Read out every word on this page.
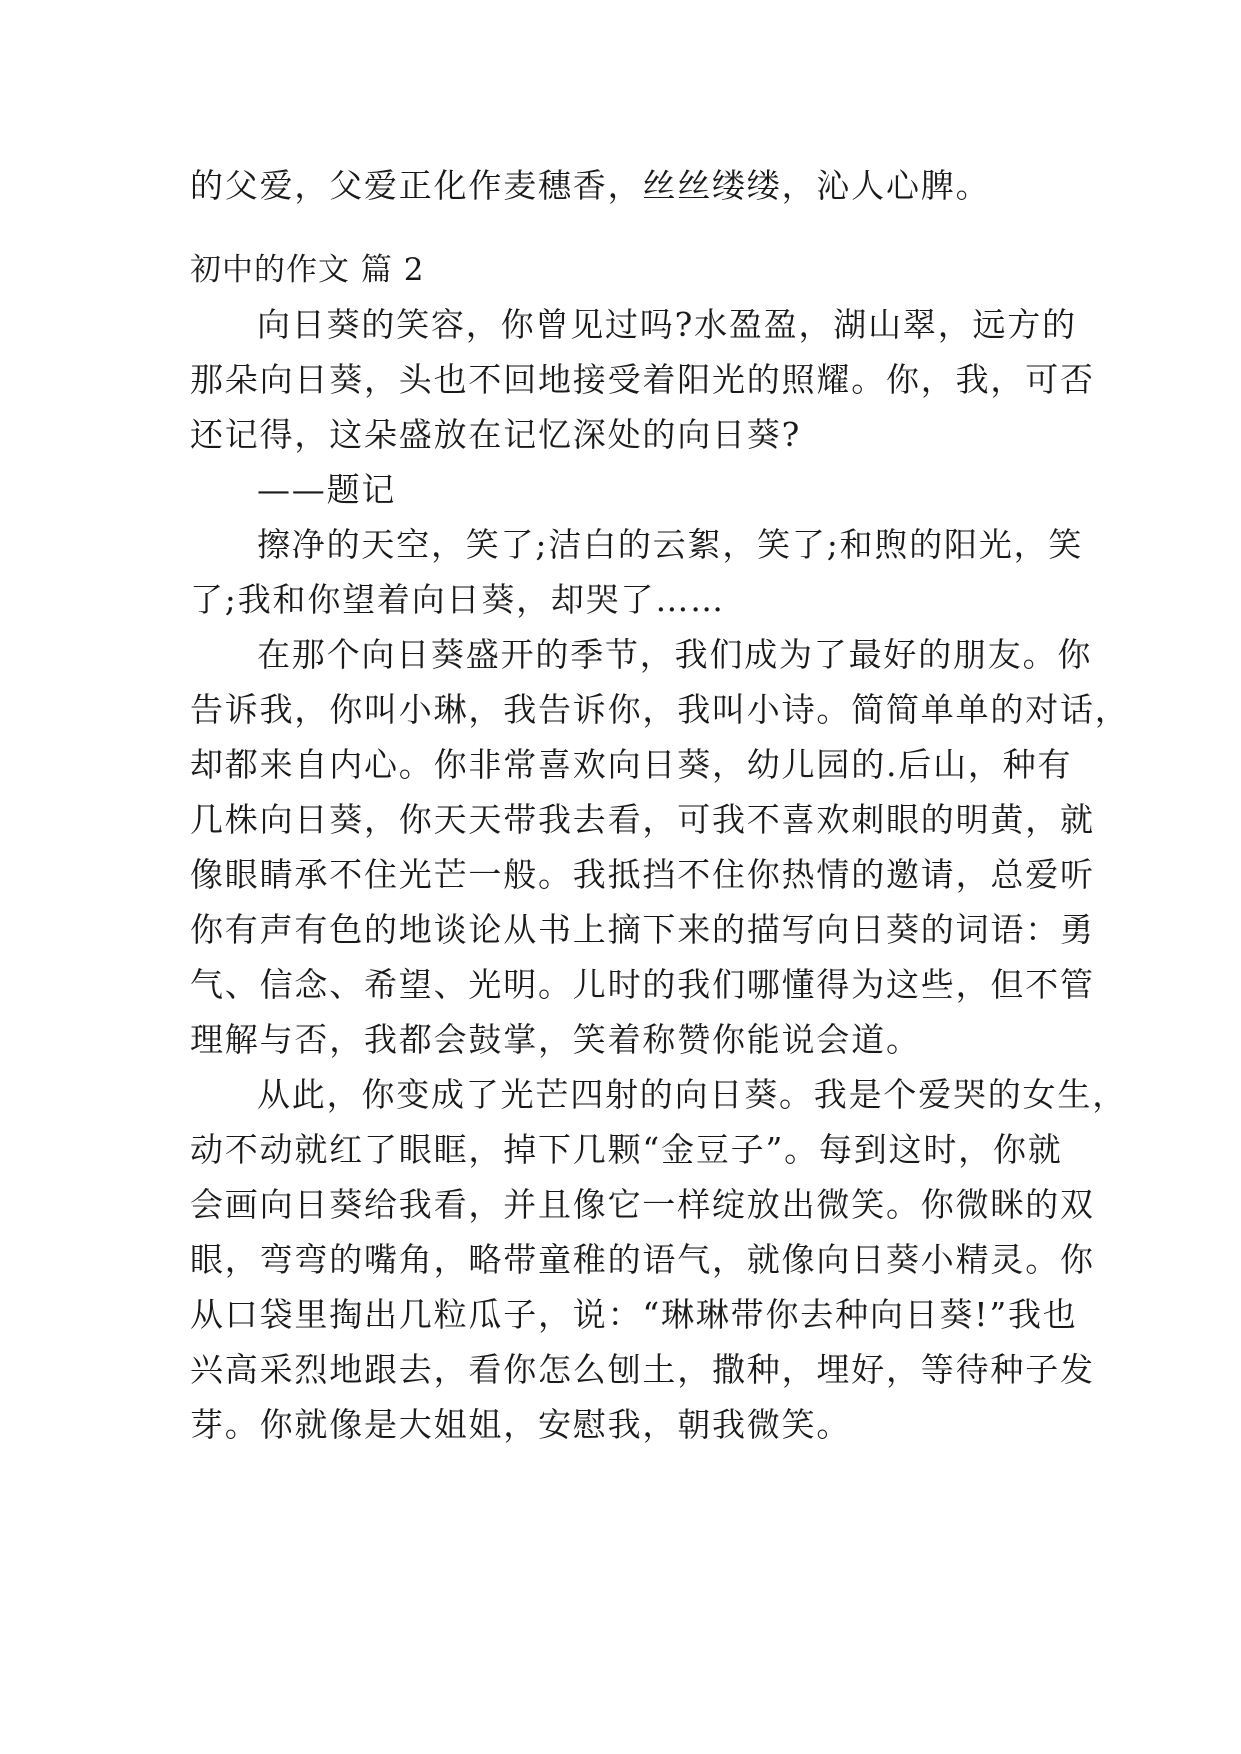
的父爱，父爱正化作麦穗香，丝丝缕缕，沁人心脾。
初中的作文 篇 2
向日葵的笑容，你曾见过吗?水盈盈，湖山翠，远方的
那朵向日葵，头也不回地接受着阳光的照耀。你，我，可否
还记得，这朵盛放在记忆深处的向日葵?
——题记
擦净的天空，笑了;洁白的云絮，笑了;和煦的阳光，笑
了;我和你望着向日葵，却哭了……
在那个向日葵盛开的季节，我们成为了最好的朋友。你
告诉我，你叫小琳，我告诉你，我叫小诗。简简单单的对话，
却都来自内心。你非常喜欢向日葵，幼儿园的.后山，种有
几株向日葵，你天天带我去看，可我不喜欢刺眼的明黄，就
像眼睛承不住光芒一般。我抵挡不住你热情的邀请，总爱听
你有声有色的地谈论从书上摘下来的描写向日葵的词语：勇
气、信念、希望、光明。儿时的我们哪懂得为这些，但不管
理解与否，我都会鼓掌，笑着称赞你能说会道。
从此，你变成了光芒四射的向日葵。我是个爱哭的女生，
动不动就红了眼眶，掉下几颗“金豆子”。每到这时，你就
会画向日葵给我看，并且像它一样绽放出微笑。你微眯的双
眼，弯弯的嘴角，略带童稚的语气，就像向日葵小精灵。你
从口袋里掏出几粒瓜子，说：“琳琳带你去种向日葵!”我也
兴高采烈地跟去，看你怎么刨土，撒种，埋好，等待种子发
芽。你就像是大姐姐，安慰我，朝我微笑。
